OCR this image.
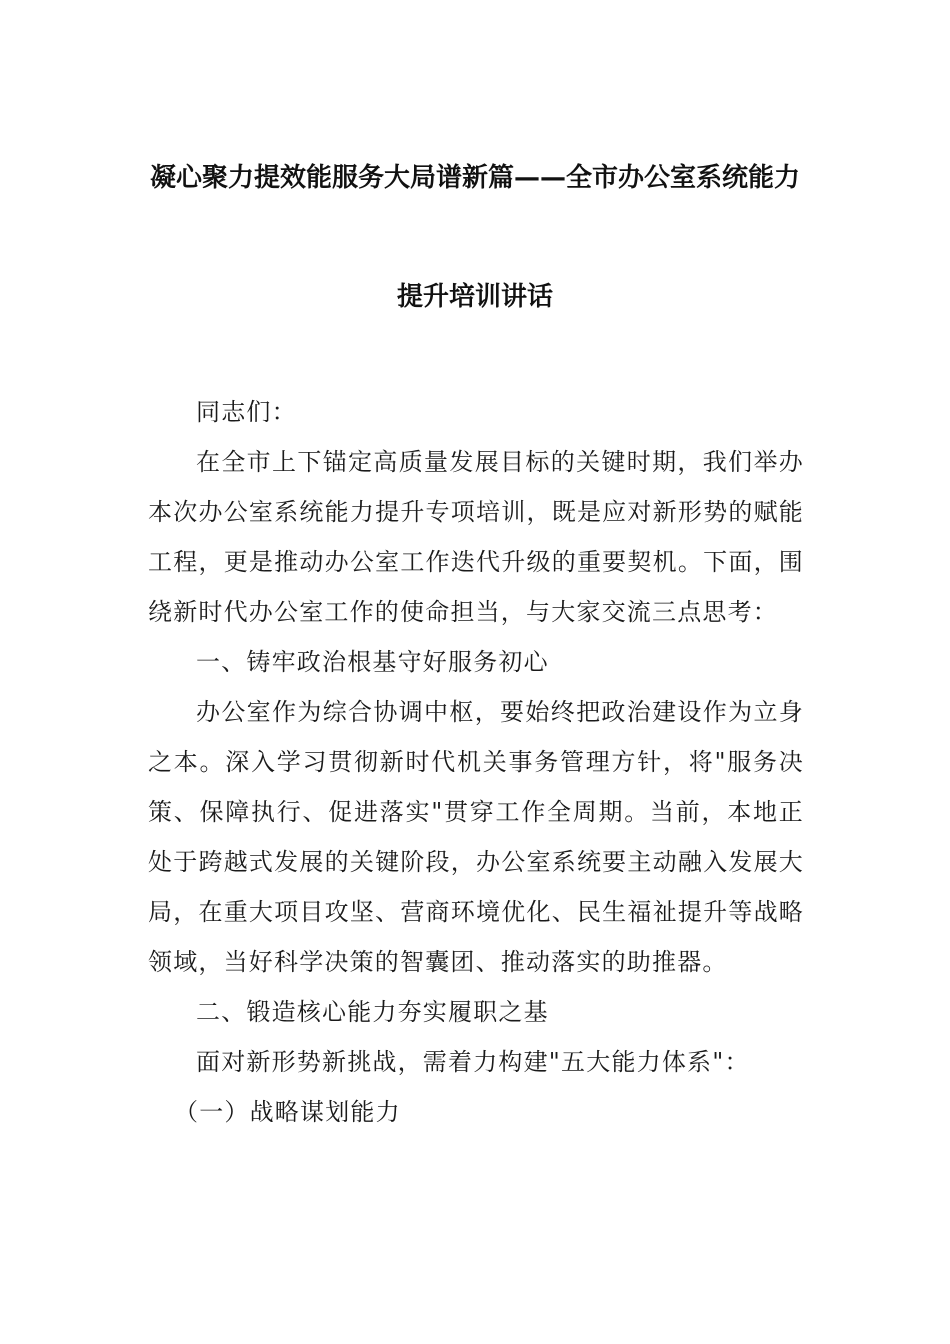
凝心聚力提效能服务大局谱新篇——全市办公室系统能力
提升培训讲话

同志们：

在全市上下锚定高质量发展目标的关键时期，我们举办本次办公室系统能力提升专项培训，既是应对新形势的赋能工程，更是推动办公室工作迭代升级的重要契机。下面，围绕新时代办公室工作的使命担当，与大家交流三点思考：

一、铸牢政治根基守好服务初心

办公室作为综合协调中枢，要始终把政治建设作为立身之本。深入学习贯彻新时代机关事务管理方针，将"服务决策、保障执行、促进落实"贯穿工作全周期。当前，本地正处于跨越式发展的关键阶段，办公室系统要主动融入发展大局，在重大项目攻坚、营商环境优化、民生福祉提升等战略领域，当好科学决策的智囊团、推动落实的助推器。

二、锻造核心能力夯实履职之基

面对新形势新挑战，需着力构建"五大能力体系"：

（一）战略谋划能力
